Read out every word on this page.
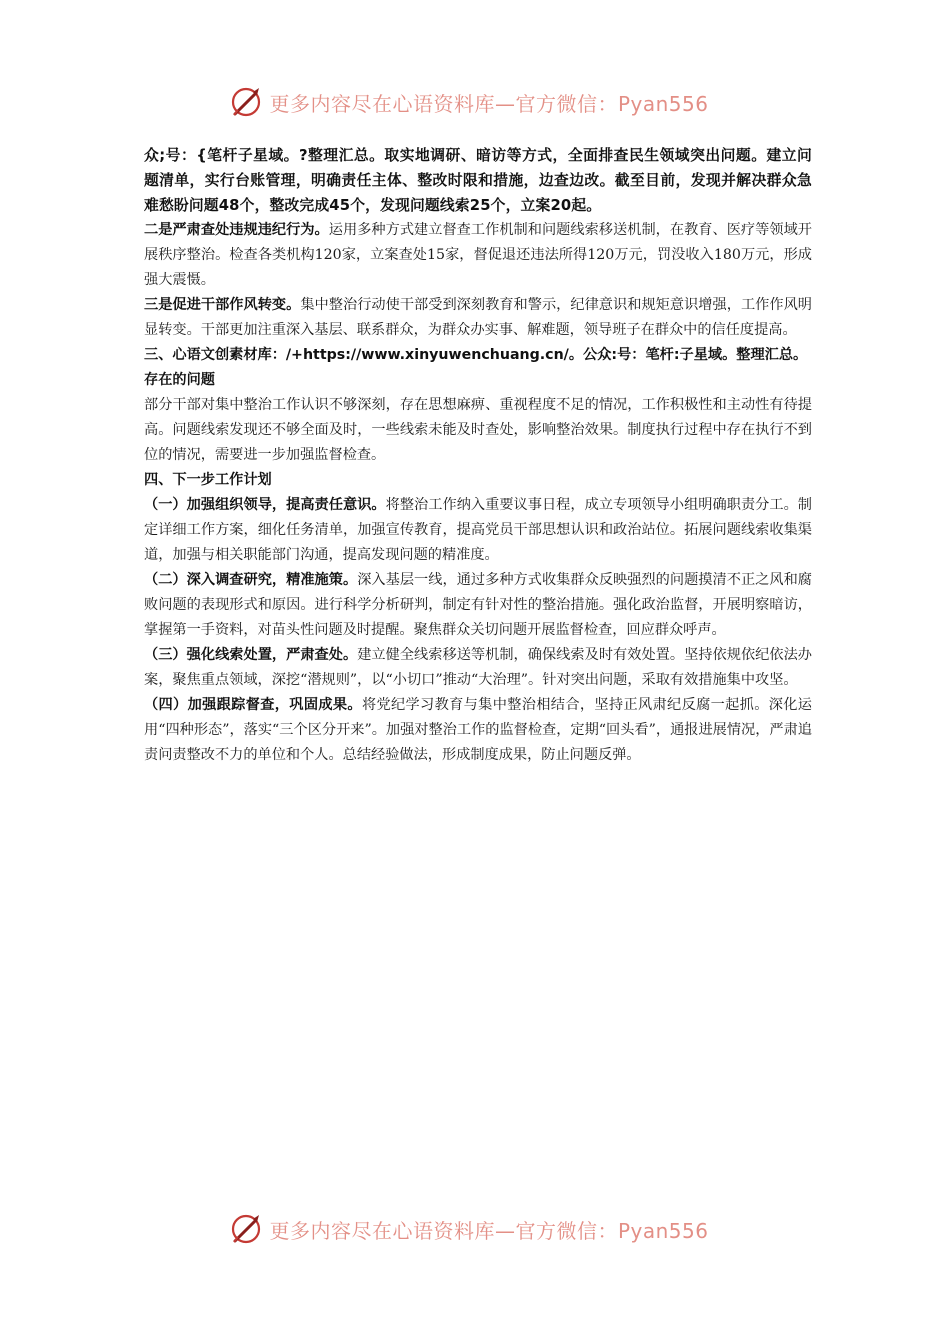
更多内容尽在心语资料库—官方微信：Pyan556

众;号：{笔杆子星域。?整理汇总。取实地调研、暗访等方式，全面排查民生领域突出问题。建立问题清单，实行台账管理，明确责任主体、整改时限和措施，边查边改。截至目前，发现并解决群众急难愁盼问题48个，整改完成45个，发现问题线索25个，立案20起。

二是严肃查处违规违纪行为。运用多种方式建立督查工作机制和问题线索移送机制，在教育、医疗等领域开展秩序整治。检查各类机构120家，立案查处15家，督促退还违法所得120万元，罚没收入180万元，形成强大震慑。

三是促进干部作风转变。集中整治行动使干部受到深刻教育和警示，纪律意识和规矩意识增强，工作作风明显转变。干部更加注重深入基层、联系群众，为群众办实事、解难题，领导班子在群众中的信任度提高。

三、心语文创素材库：/+https://www.xinyuwenchuang.cn/。公众:号：笔杆:子星域。整理汇总。存在的问题

部分干部对集中整治工作认识不够深刻，存在思想麻痹、重视程度不足的情况，工作积极性和主动性有待提高。问题线索发现还不够全面及时，一些线索未能及时查处，影响整治效果。制度执行过程中存在执行不到位的情况，需要进一步加强监督检查。

四、下一步工作计划

（一）加强组织领导，提高责任意识。将整治工作纳入重要议事日程，成立专项领导小组明确职责分工。制定详细工作方案，细化任务清单，加强宣传教育，提高党员干部思想认识和政治站位。拓展问题线索收集渠道，加强与相关职能部门沟通，提高发现问题的精准度。

（二）深入调查研究，精准施策。深入基层一线，通过多种方式收集群众反映强烈的问题摸清不正之风和腐败问题的表现形式和原因。进行科学分析研判，制定有针对性的整治措施。强化政治监督，开展明察暗访，掌握第一手资料，对苗头性问题及时提醒。聚焦群众关切问题开展监督检查，回应群众呼声。

（三）强化线索处置，严肃查处。建立健全线索移送等机制，确保线索及时有效处置。坚持依规依纪依法办案，聚焦重点领域，深挖“潜规则”，以“小切口”推动“大治理”。针对突出问题，采取有效措施集中攻坚。

（四）加强跟踪督查，巩固成果。将党纪学习教育与集中整治相结合，坚持正风肃纪反腐一起抓。深化运用“四种形态”，落实“三个区分开来”。加强对整治工作的监督检查，定期“回头看”，通报进展情况，严肃追责问责整改不力的单位和个人。总结经验做法，形成制度成果，防止问题反弹。

更多内容尽在心语资料库—官方微信：Pyan556
